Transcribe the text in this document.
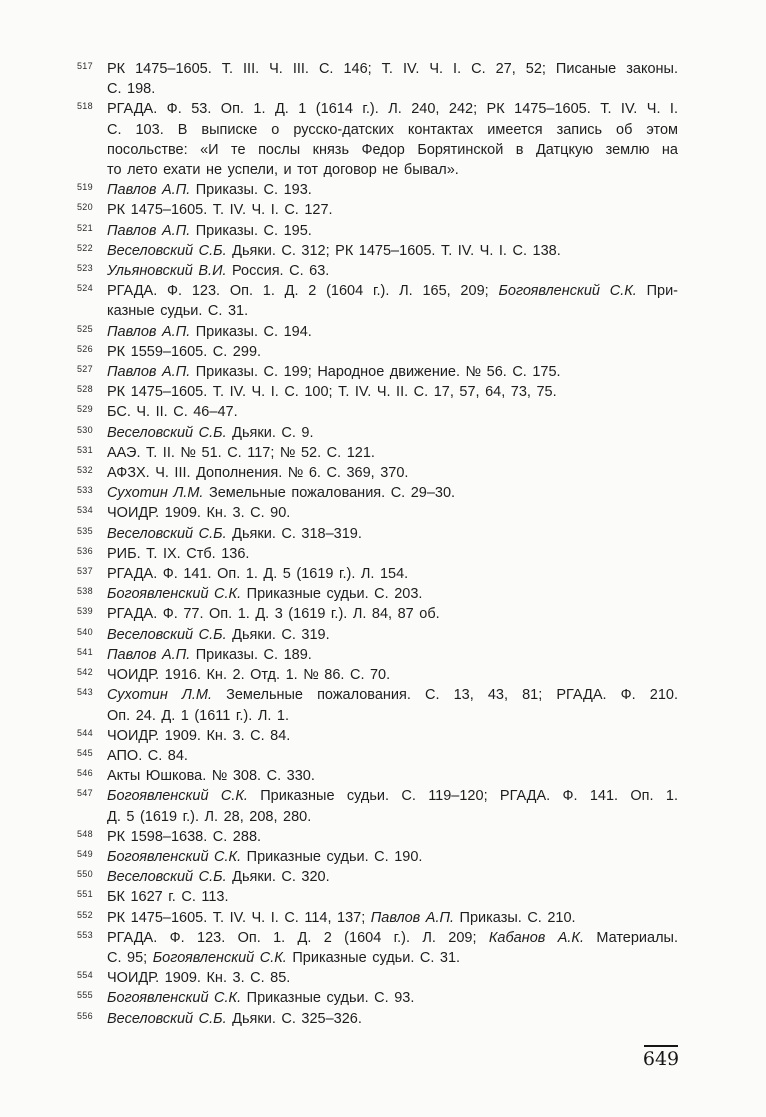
517 РК 1475–1605. Т. III. Ч. III. С. 146; Т. IV. Ч. I. С. 27, 52; Писаные законы.
С. 198.
518 РГАДА. Ф. 53. Оп. 1. Д. 1 (1614 г.). Л. 240, 242; РК 1475–1605. Т. IV. Ч. I.
С. 103. В выписке о русско-датских контактах имеется запись об этом
посольстве: «И те послы князь Федор Борятинской в Датцкую землю на
то лето ехати не успели, и тот договор не бывал».
519 Павлов А.П. Приказы. С. 193.
520 РК 1475–1605. Т. IV. Ч. I. С. 127.
521 Павлов А.П. Приказы. С. 195.
522 Веселовский С.Б. Дьяки. С. 312; РК 1475–1605. Т. IV. Ч. I. С. 138.
523 Ульяновский В.И. Россия. С. 63.
524 РГАДА. Ф. 123. Оп. 1. Д. 2 (1604 г.). Л. 165, 209; Богоявленский С.К. При-
казные судьи. С. 31.
525 Павлов А.П. Приказы. С. 194.
526 РК 1559–1605. С. 299.
527 Павлов А.П. Приказы. С. 199; Народное движение. № 56. С. 175.
528 РК 1475–1605. Т. IV. Ч. I. С. 100; Т. IV. Ч. II. С. 17, 57, 64, 73, 75.
529 БС. Ч. II. С. 46–47.
530 Веселовский С.Б. Дьяки. С. 9.
531 ААЭ. Т. II. № 51. С. 117; № 52. С. 121.
532 АФЗХ. Ч. III. Дополнения. № 6. С. 369, 370.
533 Сухотин Л.М. Земельные пожалования. С. 29–30.
534 ЧОИДР. 1909. Кн. 3. С. 90.
535 Веселовский С.Б. Дьяки. С. 318–319.
536 РИБ. Т. IX. Стб. 136.
537 РГАДА. Ф. 141. Оп. 1. Д. 5 (1619 г.). Л. 154.
538 Богоявленский С.К. Приказные судьи. С. 203.
539 РГАДА. Ф. 77. Оп. 1. Д. 3 (1619 г.). Л. 84, 87 об.
540 Веселовский С.Б. Дьяки. С. 319.
541 Павлов А.П. Приказы. С. 189.
542 ЧОИДР. 1916. Кн. 2. Отд. 1. № 86. С. 70.
543 Сухотин Л.М. Земельные пожалования. С. 13, 43, 81; РГАДА. Ф. 210.
Оп. 24. Д. 1 (1611 г.). Л. 1.
544 ЧОИДР. 1909. Кн. 3. С. 84.
545 АПО. С. 84.
546 Акты Юшкова. № 308. С. 330.
547 Богоявленский С.К. Приказные судьи. С. 119–120; РГАДА. Ф. 141. Оп. 1.
Д. 5 (1619 г.). Л. 28, 208, 280.
548 РК 1598–1638. С. 288.
549 Богоявленский С.К. Приказные судьи. С. 190.
550 Веселовский С.Б. Дьяки. С. 320.
551 БК 1627 г. С. 113.
552 РК 1475–1605. Т. IV. Ч. I. С. 114, 137; Павлов А.П. Приказы. С. 210.
553 РГАДА. Ф. 123. Оп. 1. Д. 2 (1604 г.). Л. 209; Кабанов А.К. Материалы.
С. 95; Богоявленский С.К. Приказные судьи. С. 31.
554 ЧОИДР. 1909. Кн. 3. С. 85.
555 Богоявленский С.К. Приказные судьи. С. 93.
556 Веселовский С.Б. Дьяки. С. 325–326.
649
